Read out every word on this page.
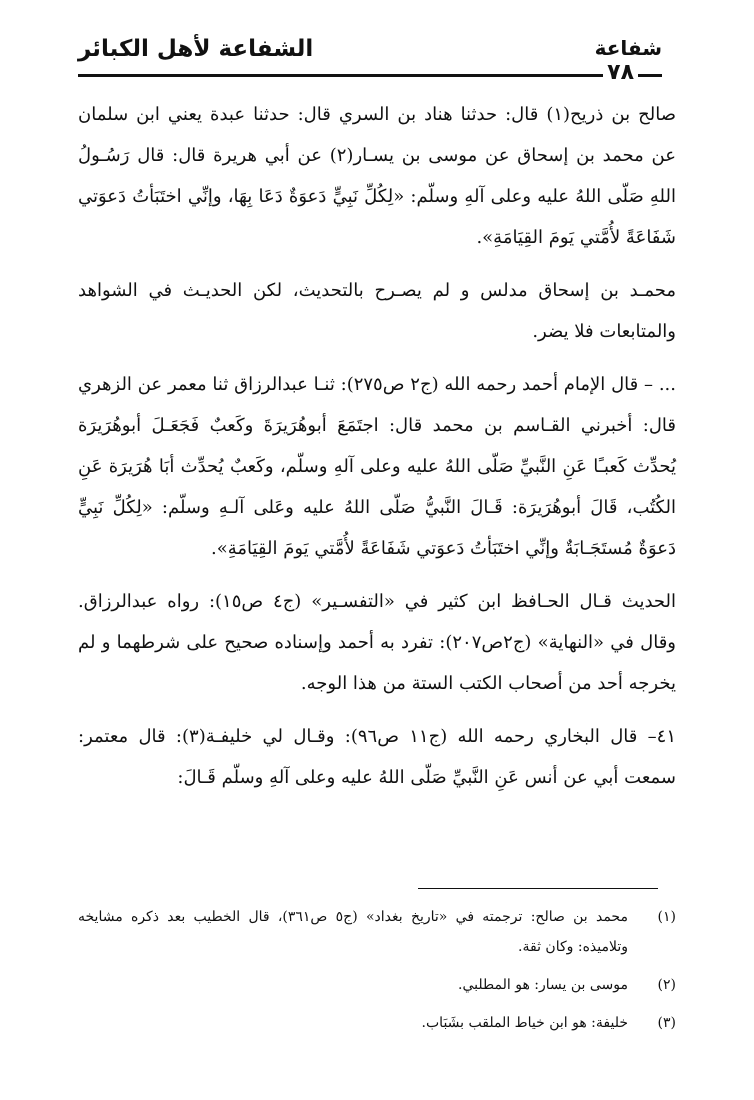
الشفاعة لأهل الكبائر	شفاعة
٧٨

صالح بن ذريح(١) قال: حدثنا هناد بن السري قال: حدثنا عبدة يعني ابن سلمان عن محمد بن إسحاق عن موسى بن يسـار(٢) عن أبي هريرة قال: قال رَسُـولُ اللهِ صَلّى اللهُ عليه وعلى آلهِ وسلّم: «لِكُلِّ نَبِيٍّ دَعوَةٌ دَعَا بِهَا، وإنِّي اختَبَأتُ دَعوَتي شَفَاعَةً لأُمَّتي يَومَ القِيَامَةِ».

محمـد بن إسحاق مدلس و لم يصـرح بالتحديث، لكن الحديـث في الشواهد والمتابعات فلا يضر.

... – قال الإمام أحمد رحمه الله (ج٢ ص٢٧٥): ثنـا عبدالرزاق ثنا معمر عن الزهري قال: أخبرني القـاسم بن محمد قال: اجتَمَعَ أبوهُرَيرَةَ وكَعبٌ فَجَعَـلَ أبوهُرَيرَة يُحدِّث كَعبـًا عَنِ النَّبيِّ صَلّى اللهُ عليه وعلى آلهِ وسلّم، وكَعبٌ يُحدِّث أبَا هُرَيرَة عَنِ الكُتُب، قَالَ أبوهُرَيرَة: قَـالَ النَّبيُّ صَلّى اللهُ عليه وعَلى آلـهِ وسلّم: «لِكُلِّ نَبِيٍّ دَعوَةٌ مُستَجَـابَةٌ وإنِّي اختَبَأتُ دَعوَتي شَفَاعَةً لأُمَّتي يَومَ القِيَامَةِ».

الحديث قـال الحـافظ ابن كثير في «التفسـير» (ج٤ ص١٥): رواه عبدالرزاق. وقال في «النهاية» (ج٢ص٢٠٧): تفرد به أحمد وإسناده صحيح على شرطهما و لم يخرجه أحد من أصحاب الكتب الستة من هذا الوجه.

٤١– قال البخاري رحمه الله (ج١١ ص٩٦): وقـال لي خليفـة(٣): قال معتمر: سمعت أبي عن أنس عَنِ النَّبيِّ صَلّى اللهُ عليه وعلى آلهِ وسلّم قَـالَ:

(١)
محمد بن صالح: ترجمته في «تاريخ بغداد» (ج٥ ص٣٦١)، قال الخطيب بعد ذكره مشايخه وتلاميذه: وكان ثقة.
(٢)
موسى بن يسار: هو المطلبي.
(٣)
خليفة: هو ابن خياط الملقب بشَبَاب.
